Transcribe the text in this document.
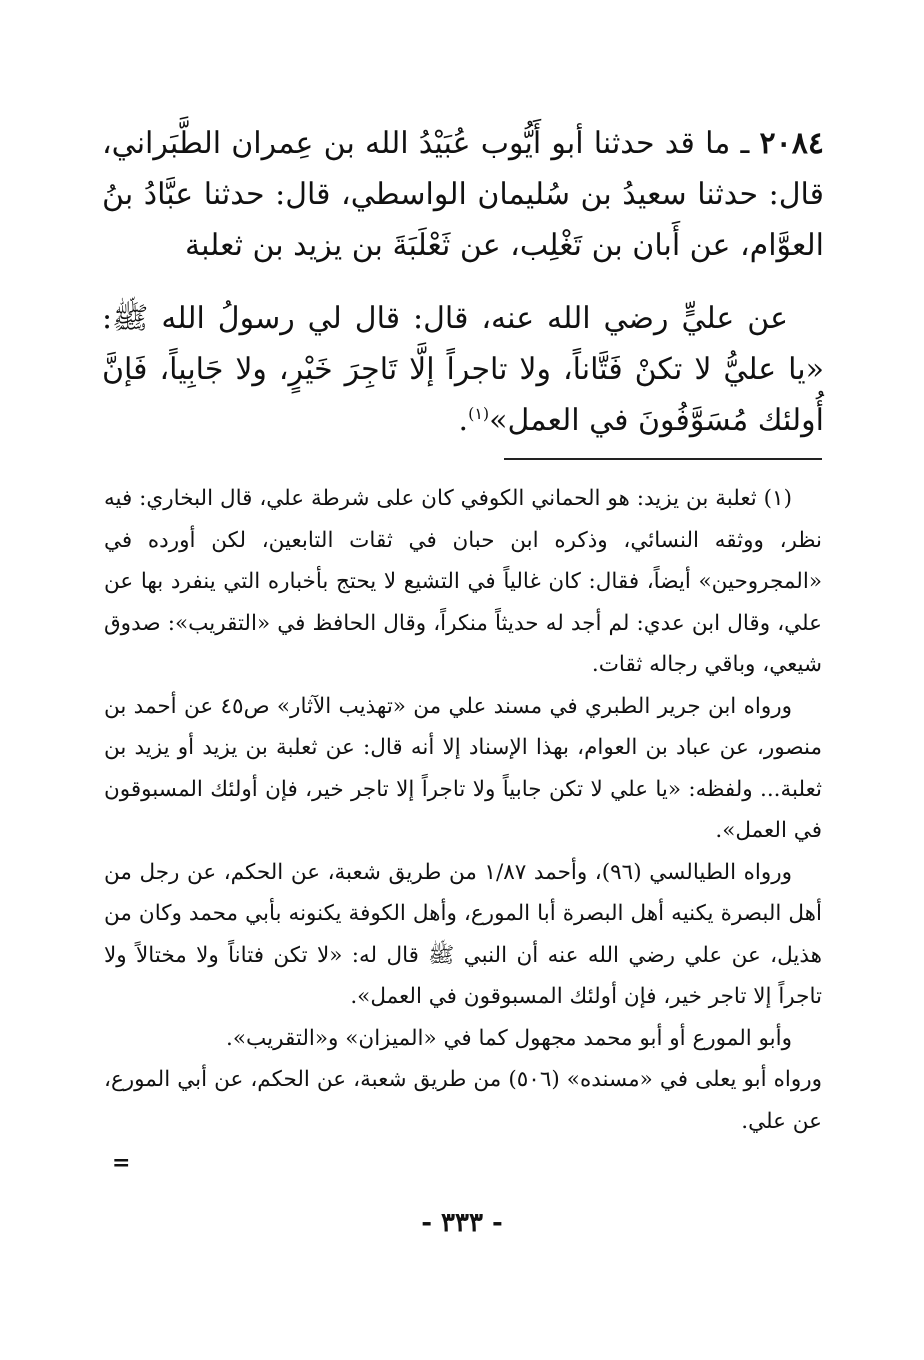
٢٠٨٤ ـ ما قد حدثنا أبو أَيُّوب عُبَيْدُ الله بن عِمران الطَّبَراني، قال: حدثنا سعيدُ بن سُليمان الواسطي، قال: حدثنا عبَّادُ بنُ العوَّام، عن أَبان بن تَغْلِب، عن ثَعْلَبَةَ بن يزيد بن ثعلبة

عن عليٍّ رضي الله عنه، قال: قال لي رسولُ الله ﷺ: «يا عليُّ لا تكنْ فَتَّاناً، ولا تاجراً إلَّا تَاجِرَ خَيْرٍ، ولا جَابِياً، فَإنَّ أُولئك مُسَوَّفُونَ في العمل»$^{(١)}$.

(١) ثعلبة بن يزيد: هو الحماني الكوفي كان على شرطة علي، قال البخاري: فيه نظر، ووثقه النسائي، وذكره ابن حبان في ثقات التابعين، لكن أورده في «المجروحين» أيضاً، فقال: كان غالياً في التشيع لا يحتج بأخباره التي ينفرد بها عن علي، وقال ابن عدي: لم أجد له حديثاً منكراً، وقال الحافظ في «التقريب»: صدوق شيعي، وباقي رجاله ثقات.

ورواه ابن جرير الطبري في مسند علي من «تهذيب الآثار» ص٤٥ عن أحمد بن منصور، عن عباد بن العوام، بهذا الإسناد إلا أنه قال: عن ثعلبة بن يزيد أو يزيد بن ثعلبة... ولفظه: «يا علي لا تكن جابياً ولا تاجراً إلا تاجر خير، فإن أولئك المسبوقون في العمل».

ورواه الطيالسي (٩٦)، وأحمد ١/٨٧ من طريق شعبة، عن الحكم، عن رجل من أهل البصرة يكنيه أهل البصرة أبا المورع، وأهل الكوفة يكنونه بأبي محمد وكان من هذيل، عن علي رضي الله عنه أن النبي ﷺ قال له: «لا تكن فتاناً ولا مختالاً ولا تاجراً إلا تاجر خير، فإن أولئك المسبوقون في العمل».

وأبو المورع أو أبو محمد مجهول كما في «الميزان» و«التقريب».

ورواه أبو يعلى في «مسنده» (٥٠٦) من طريق شعبة، عن الحكم، عن أبي المورع، عن علي.

=
- ٣٣٣ -
